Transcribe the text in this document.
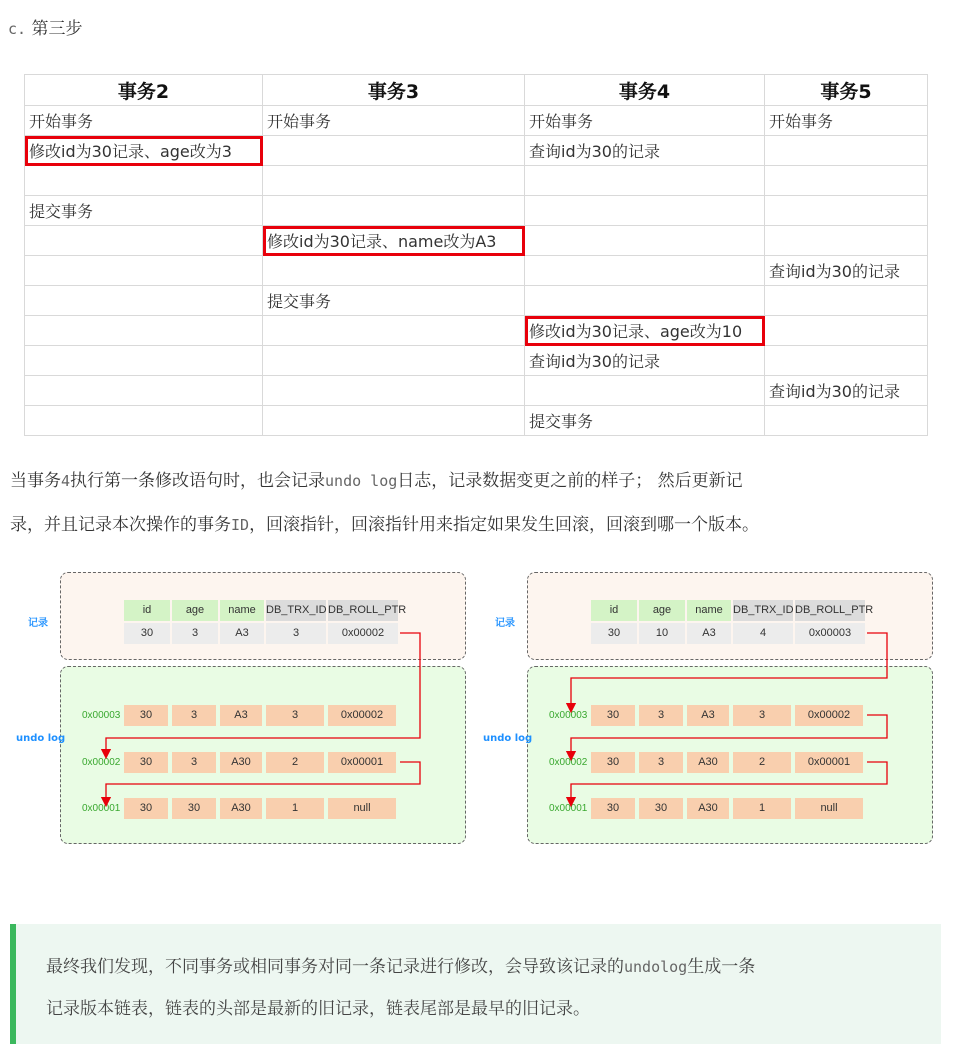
c. 第三步
事务2	事务3	事务4	事务5
开始事务	开始事务	开始事务	开始事务
修改id为30记录、age改为3		查询id为30的记录	

提交事务			
	修改id为30记录、name改为A3		
			查询id为30的记录
	提交事务		
		修改id为30记录、age改为10	
		查询id为30的记录	
			查询id为30的记录
		提交事务	
当事务4执行第一条修改语句时，也会记录undo log日志，记录数据变更之前的样子； 然后更新记
录，并且记录本次操作的事务ID，回滚指针，回滚指针用来指定如果发生回滚，回滚到哪一个版本。
记录
undo log
id	age	name DB_TRX_ID DB_ROLL_PTR
30	3	A3	3	0x00002
0x00003	30	3	A3	3	0x00002
0x00002	30	3	A30	2	0x00001
0x00001	30	30	A30	1	null
记录
undo log
id	age	name DB_TRX_ID DB_ROLL_PTR
30	10	A3	4	0x00003
0x00003	30	3	A3	3	0x00002
0x00002	30	3	A30	2	0x00001
0x00001	30	30	A30	1	null

最终我们发现，不同事务或相同事务对同一条记录进行修改，会导致该记录的undolog生成一条

记录版本链表，链表的头部是最新的旧记录，链表尾部是最早的旧记录。
